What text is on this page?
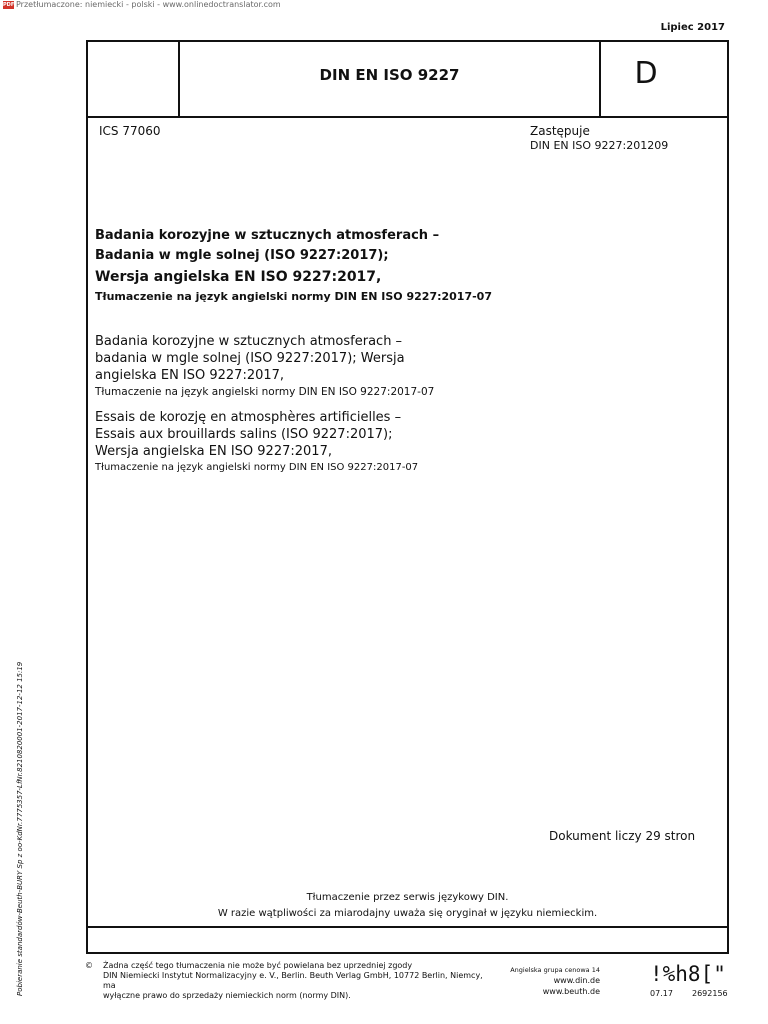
PDF Przetłumaczone: niemiecki - polski - www.onlinedoctranslator.com
Lipiec 2017
DIN EN ISO 9227	D
ICS 77060	Zastępuje
DIN EN ISO 9227:201209
Badania korozyjne w sztucznych atmosferach –
Badania w mgle solnej (ISO 9227:2017);
Wersja angielska EN ISO 9227:2017,
Tłumaczenie na język angielski normy DIN EN ISO 9227:2017-07
Badania korozyjne w sztucznych atmosferach –
badania w mgle solnej (ISO 9227:2017); Wersja
angielska EN ISO 9227:2017,
Tłumaczenie na język angielski normy DIN EN ISO 9227:2017-07
Essais de korozję en atmosphères artificielles –
Essais aux brouillards salins (ISO 9227:2017);
Wersja angielska EN ISO 9227:2017,
Tłumaczenie na język angielski normy DIN EN ISO 9227:2017-07
Dokument liczy 29 stron
Tłumaczenie przez serwis językowy DIN.
W razie wątpliwości za miarodajny uważa się oryginał w języku niemieckim.
© Żadna część tego tłumaczenia nie może być powielana bez uprzedniej zgody
DIN Niemiecki Instytut Normalizacyjny e. V., Berlin. Beuth Verlag GmbH, 10772 Berlin, Niemcy, ma
wyłączne prawo do sprzedaży niemieckich norm (normy DIN).
Angielska grupa cenowa 14
www.din.de
www.beuth.de
!%h8["
07.17 2692156
Pobieranie standardów-Beuth-BURY Sp z oo-KdNr.7775357-LfNr.8210820001-2017-12-12 15:19
